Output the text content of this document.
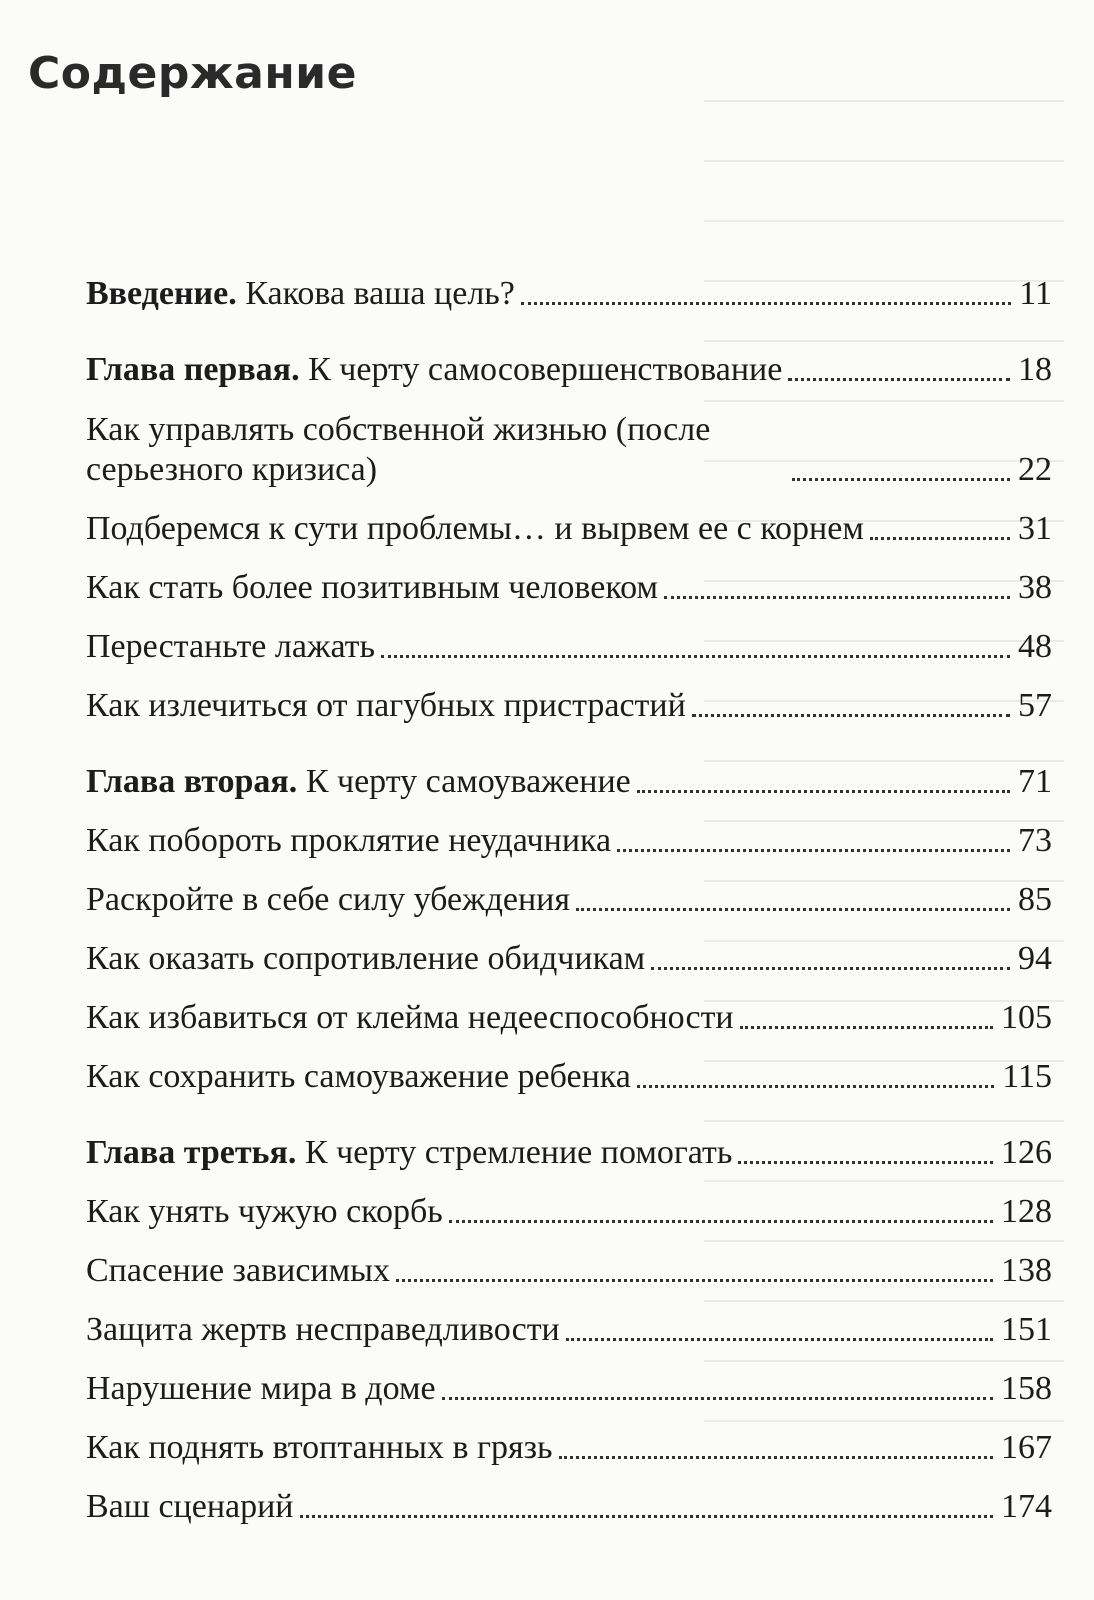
Содержание
Введение. Какова ваша цель?	11
Глава первая. К черту самосовершенствование	18
Как управлять собственной жизнью (после серьезного кризиса)	22
Подберемся к сути проблемы… и вырвем ее с корнем	31
Как стать более позитивным человеком	38
Перестаньте лажать	48
Как излечиться от пагубных пристрастий	57
Глава вторая. К черту самоуважение	71
Как побороть проклятие неудачника	73
Раскройте в себе силу убеждения	85
Как оказать сопротивление обидчикам	94
Как избавиться от клейма недееспособности	105
Как сохранить самоуважение ребенка	115
Глава третья. К черту стремление помогать	126
Как унять чужую скорбь	128
Спасение зависимых	138
Защита жертв несправедливости	151
Нарушение мира в доме	158
Как поднять втоптанных в грязь	167
Ваш сценарий	174
